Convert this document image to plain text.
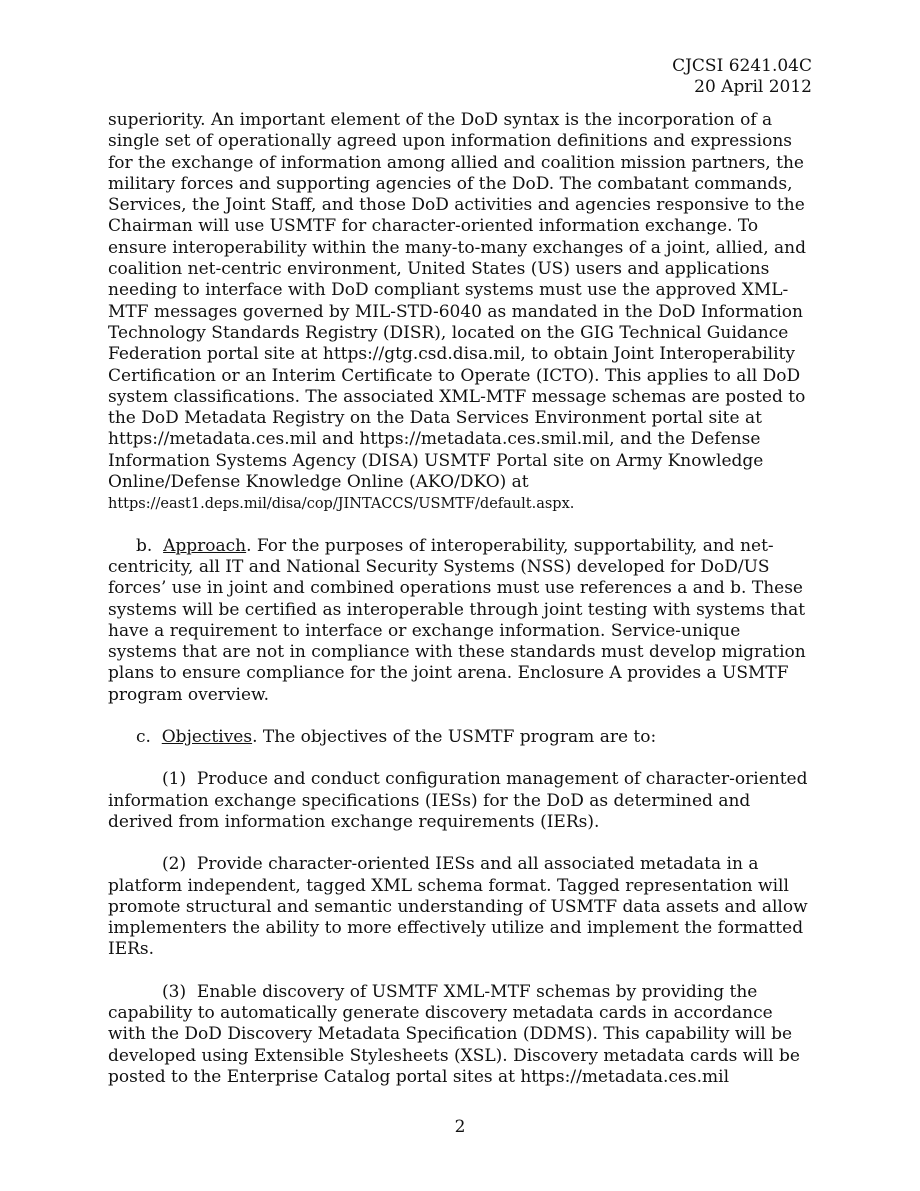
CJCSI 6241.04C
20 April 2012

superiority. An important element of the DoD syntax is the incorporation of a single set of operationally agreed upon information definitions and expressions for the exchange of information among allied and coalition mission partners, the military forces and supporting agencies of the DoD. The combatant commands, Services, the Joint Staff, and those DoD activities and agencies responsive to the Chairman will use USMTF for character-oriented information exchange. To ensure interoperability within the many-to-many exchanges of a joint, allied, and coalition net-centric environment, United States (US) users and applications needing to interface with DoD compliant systems must use the approved XML-MTF messages governed by MIL-STD-6040 as mandated in the DoD Information Technology Standards Registry (DISR), located on the GIG Technical Guidance Federation portal site at https://gtg.csd.disa.mil, to obtain Joint Interoperability Certification or an Interim Certificate to Operate (ICTO). This applies to all DoD system classifications. The associated XML-MTF message schemas are posted to the DoD Metadata Registry on the Data Services Environment portal site at https://metadata.ces.mil and https://metadata.ces.smil.mil, and the Defense Information Systems Agency (DISA) USMTF Portal site on Army Knowledge Online/Defense Knowledge Online (AKO/DKO) at https://east1.deps.mil/disa/cop/JINTACCS/USMTF/default.aspx.

b. Approach. For the purposes of interoperability, supportability, and net-centricity, all IT and National Security Systems (NSS) developed for DoD/US forces’ use in joint and combined operations must use references a and b. These systems will be certified as interoperable through joint testing with systems that have a requirement to interface or exchange information. Service-unique systems that are not in compliance with these standards must develop migration plans to ensure compliance for the joint arena. Enclosure A provides a USMTF program overview.

c. Objectives. The objectives of the USMTF program are to:

(1) Produce and conduct configuration management of character-oriented information exchange specifications (IESs) for the DoD as determined and derived from information exchange requirements (IERs).

(2) Provide character-oriented IESs and all associated metadata in a platform independent, tagged XML schema format. Tagged representation will promote structural and semantic understanding of USMTF data assets and allow implementers the ability to more effectively utilize and implement the formatted IERs.

(3) Enable discovery of USMTF XML-MTF schemas by providing the capability to automatically generate discovery metadata cards in accordance with the DoD Discovery Metadata Specification (DDMS). This capability will be developed using Extensible Stylesheets (XSL). Discovery metadata cards will be posted to the Enterprise Catalog portal sites at https://metadata.ces.mil

2
